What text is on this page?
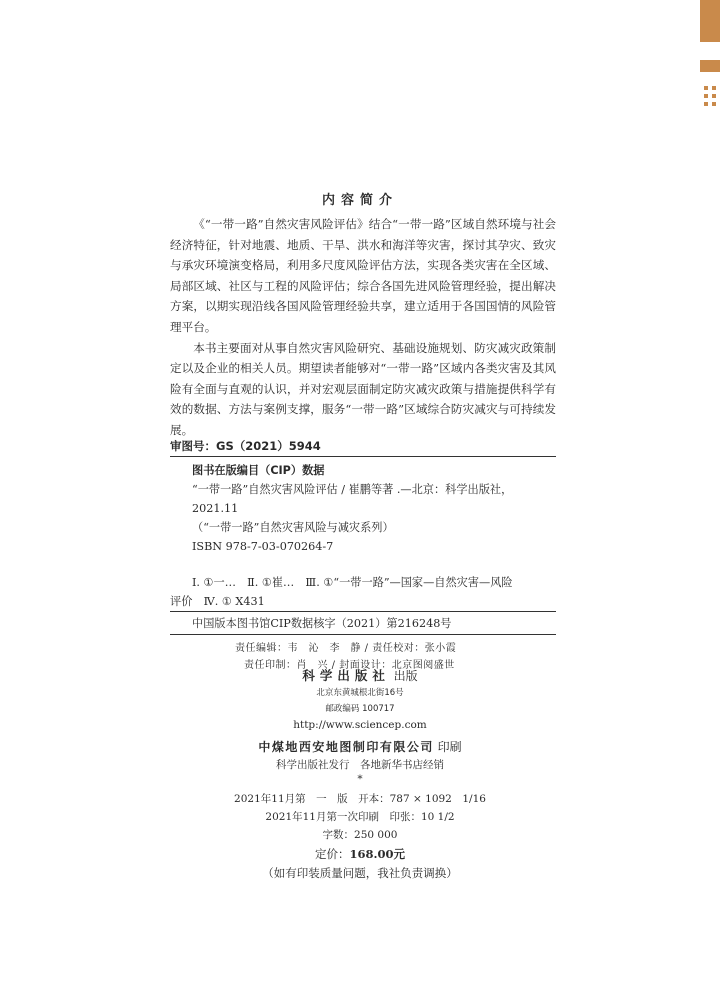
内容简介

《“一带一路”自然灾害风险评估》结合“一带一路”区域自然环境与社会经济特征，针对地震、地质、干旱、洪水和海洋等灾害，探讨其孕灾、致灾与承灾环境演变格局，利用多尺度风险评估方法，实现各类灾害在全区域、局部区域、社区与工程的风险评估；综合各国先进风险管理经验，提出解决方案，以期实现沿线各国风险管理经验共享，建立适用于各国国情的风险管理平台。

本书主要面对从事自然灾害风险研究、基础设施规划、防灾减灾政策制定以及企业的相关人员。期望读者能够对“一带一路”区域内各类灾害及其风险有全面与直观的认识，并对宏观层面制定防灾减灾政策与措施提供科学有效的数据、方法与案例支撑，服务“一带一路”区域综合防灾减灾与可持续发展。

审图号：GS（2021）5944
图书在版编目（CIP）数据
“一带一路”自然灾害风险评估 / 崔鹏等著 .—北京：科学出版社，
2021.11
（“一带一路”自然灾害风险与减灾系列）
ISBN 978-7-03-070264-7
Ⅰ. ①一…　Ⅱ. ①崔…　Ⅲ. ①“一带一路”—国家—自然灾害—风险
评价　Ⅳ. ① X431
中国版本图书馆CIP数据核字（2021）第216248号
责任编辑：韦　沁　李　静 / 责任校对：张小霞
责任印制：肖　兴 / 封面设计：北京图阅盛世
科学出版社 出版
北京东黄城根北街16号
邮政编码 100717
http://www.sciencep.com
中煤地西安地图制印有限公司 印刷
科学出版社发行　各地新华书店经销
*
2021年11月第　一　版　开本：787 × 1092　1/16
2021年11月第一次印刷　印张：10 1/2
字数：250 000
定价：168.00元
（如有印装质量问题，我社负责调换）
